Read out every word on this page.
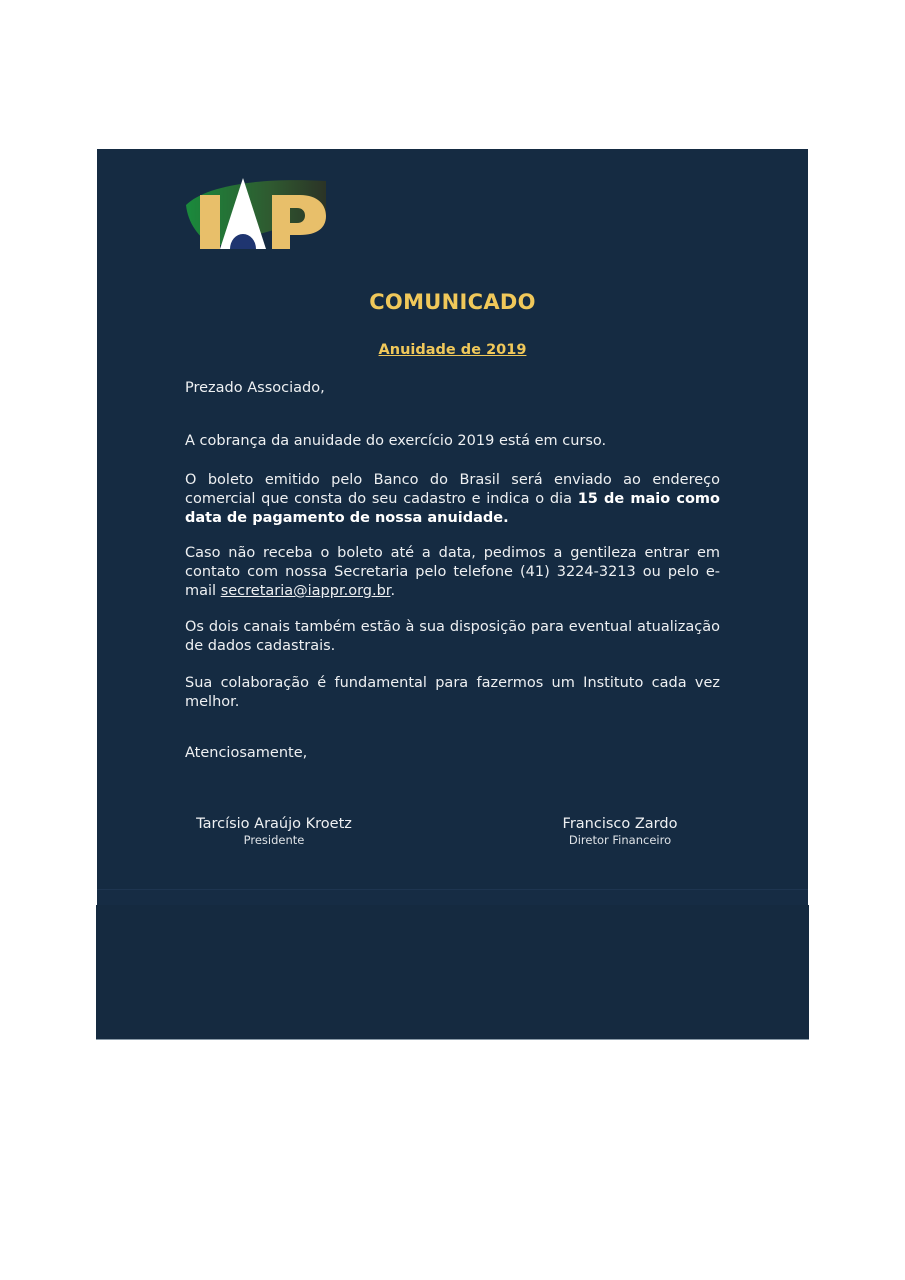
COMUNICADO
Anuidade de 2019
Prezado Associado,
A cobrança da anuidade do exercício 2019 está em curso.
O boleto emitido pelo Banco do Brasil será enviado ao endereço comercial que consta do seu cadastro e indica o dia 15 de maio como data de pagamento de nossa anuidade.
Caso não receba o boleto até a data, pedimos a gentileza entrar em contato com nossa Secretaria pelo telefone (41) 3224-3213 ou pelo e-mail secretaria@iappr.org.br.
Os dois canais também estão à sua disposição para eventual atualização de dados cadastrais.
Sua colaboração é fundamental para fazermos um Instituto cada vez melhor.
Atenciosamente,
Tarcísio Araújo Kroetz
Presidente
Francisco Zardo
Diretor Financeiro
